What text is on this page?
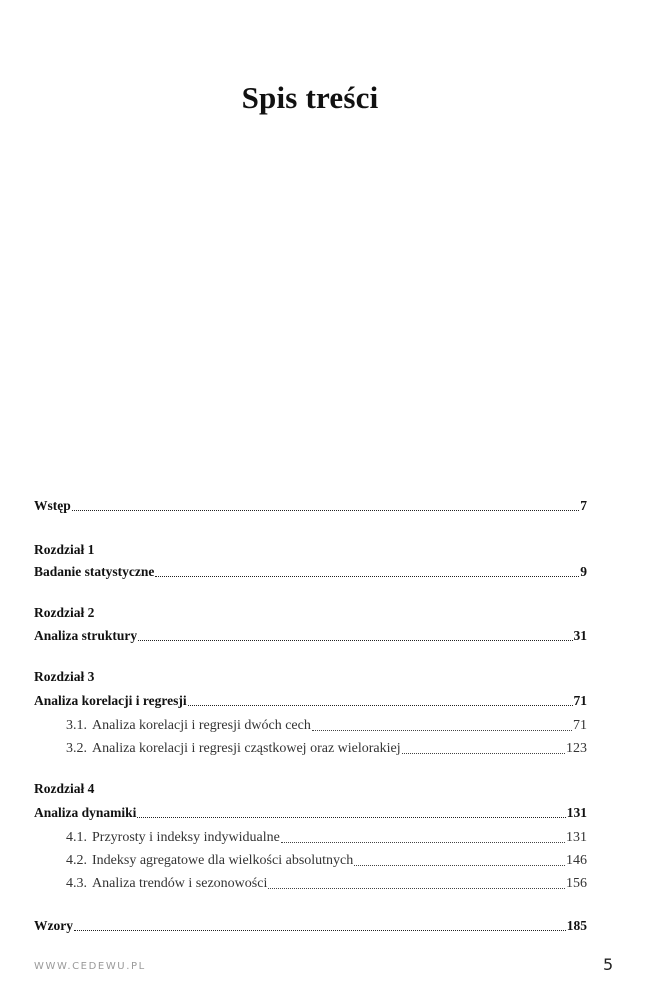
Spis treści
Wstęp	7
Rozdział 1
Badanie statystyczne	9
Rozdział 2
Analiza struktury	31
Rozdział 3
Analiza korelacji i regresji	71
3.1. Analiza korelacji i regresji dwóch cech	71
3.2. Analiza korelacji i regresji cząstkowej oraz wielorakiej	123
Rozdział 4
Analiza dynamiki	131
4.1. Przyrosty i indeksy indywidualne	131
4.2. Indeksy agregatowe dla wielkości absolutnych	146
4.3. Analiza trendów i sezonowości	156
Wzory	185
WWW.CEDEWU.PL	5
